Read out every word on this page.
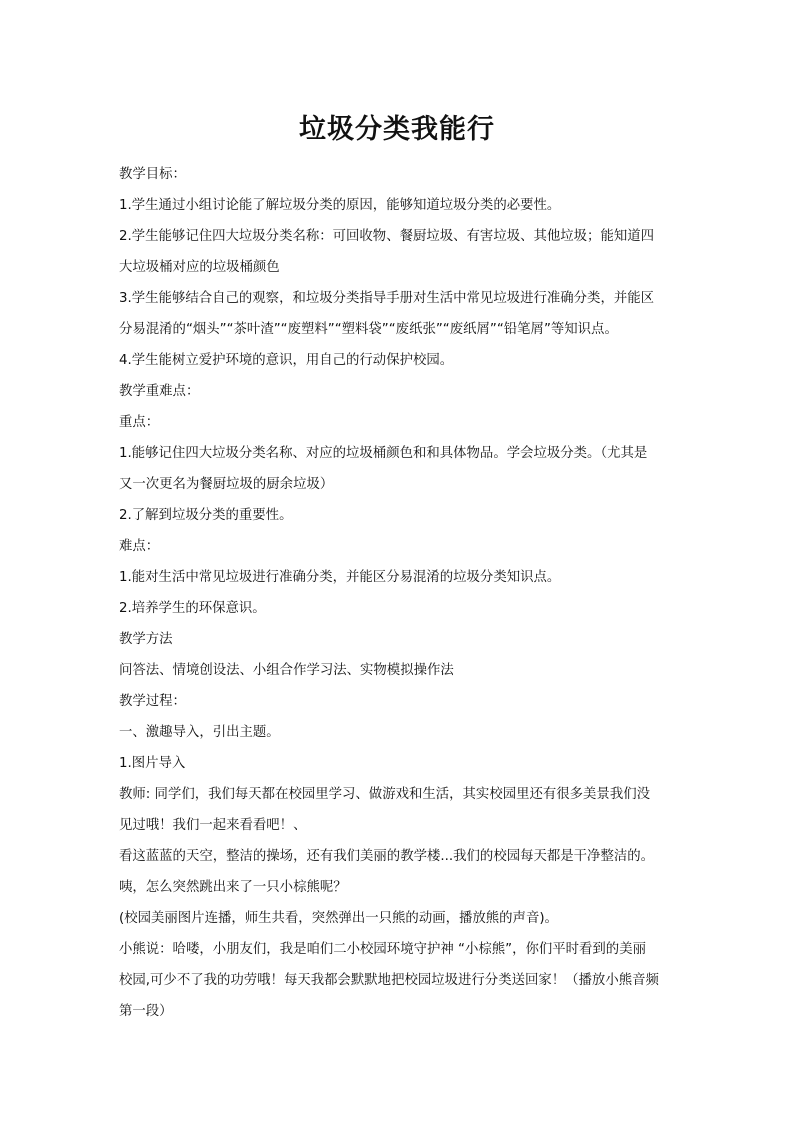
垃圾分类我能行

教学目标：

1.学生通过小组讨论能了解垃圾分类的原因，能够知道垃圾分类的必要性。

2.学生能够记住四大垃圾分类名称：可回收物、餐厨垃圾、有害垃圾、其他垃圾；能知道四

大垃圾桶对应的垃圾桶颜色

3.学生能够结合自己的观察，和垃圾分类指导手册对生活中常见垃圾进行准确分类，并能区

分易混淆的“烟头”“茶叶渣”“废塑料”“塑料袋”“废纸张”“废纸屑”“铅笔屑”等知识点。

4.学生能树立爱护环境的意识，用自己的行动保护校园。

教学重难点：

重点：

1.能够记住四大垃圾分类名称、对应的垃圾桶颜色和和具体物品。学会垃圾分类。（尤其是

又一次更名为餐厨垃圾的厨余垃圾）

2.了解到垃圾分类的重要性。

难点：

1.能对生活中常见垃圾进行准确分类，并能区分易混淆的垃圾分类知识点。

2.培养学生的环保意识。

教学方法

问答法、情境创设法、小组合作学习法、实物模拟操作法

教学过程：

一、激趣导入，引出主题。

1.图片导入

教师: 同学们，我们每天都在校园里学习、做游戏和生活，其实校园里还有很多美景我们没

见过哦！我们一起来看看吧！、

看这蓝蓝的天空，整洁的操场，还有我们美丽的教学楼...我们的校园每天都是干净整洁的。

咦，怎么突然跳出来了一只小棕熊呢？

(校园美丽图片连播，师生共看，突然弹出一只熊的动画，播放熊的声音)。

小熊说：哈喽，小朋友们，我是咱们二小校园环境守护神 “小棕熊”，你们平时看到的美丽

校园,可少不了我的功劳哦！每天我都会默默地把校园垃圾进行分类送回家！（播放小熊音频

第一段）
